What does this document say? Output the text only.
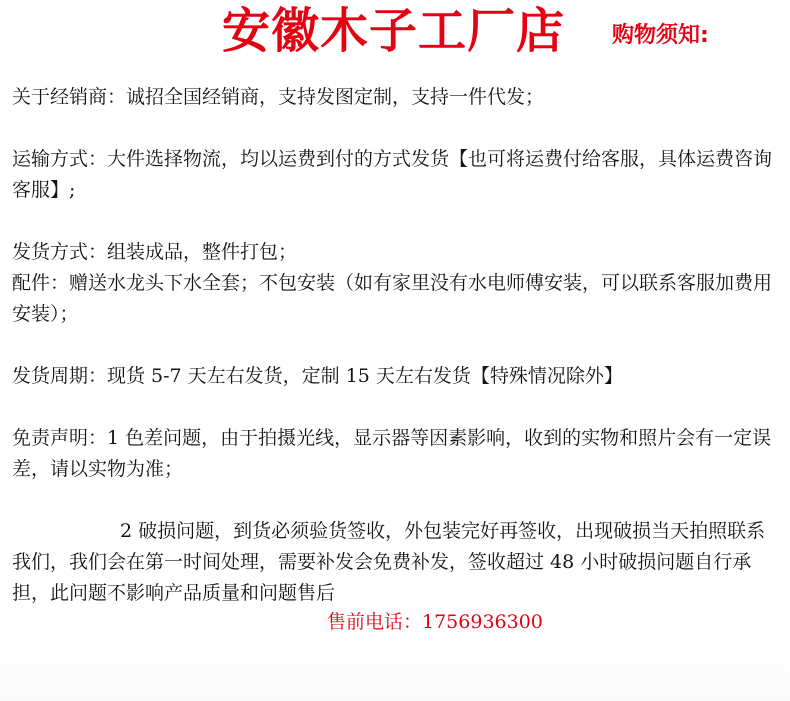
安徽木子工厂店 购物须知:

关于经销商：诚招全国经销商，支持发图定制，支持一件代发；

运输方式：大件选择物流，均以运费到付的方式发货【也可将运费付给客服，具体运费咨询客服】;

发货方式：组装成品，整件打包；

配件：赠送水龙头下水全套；不包安装（如有家里没有水电师傅安装，可以联系客服加费用安装）；

发货周期：现货 5-7 天左右发货，定制 15 天左右发货【特殊情况除外】

免责声明：1 色差问题，由于拍摄光线，显示器等因素影响，收到的实物和照片会有一定误差，请以实物为准；

2 破损问题，到货必须验货签收，外包装完好再签收，出现破损当天拍照联系我们，我们会在第一时间处理，需要补发会免费补发，签收超过 48 小时破损问题自行承担，此问题不影响产品质量和问题售后

售前电话：1756936300
